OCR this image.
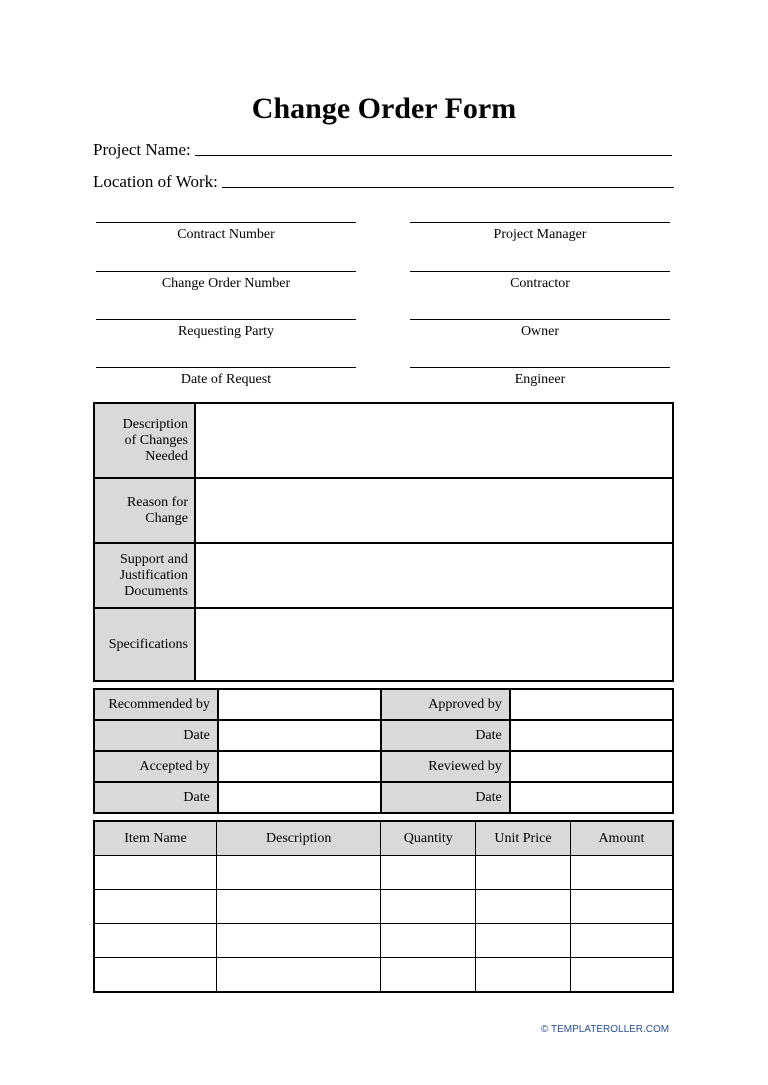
Change Order Form
Project Name:
Location of Work:
Contract Number	Project Manager
Change Order Number	Contractor
Requesting Party	Owner
Date of Request	Engineer
Description
of Changes
Needed	

Reason for
Change	

Support and
Justification
Documents	

Specifications	

Recommended by		Approved by	
Date		Date	
Accepted by		Reviewed by	
Date		Date	
Item Name	Description	Quantity	Unit Price	Amount

© TEMPLATEROLLER.COM
